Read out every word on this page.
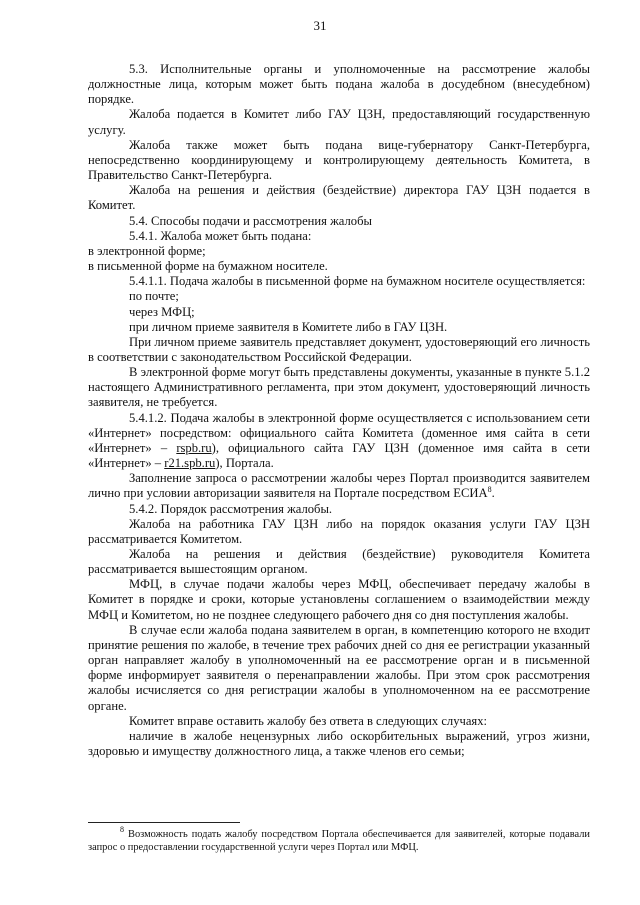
31

5.3. Исполнительные органы и уполномоченные на рассмотрение жалобы должностные лица, которым может быть подана жалоба в досудебном (внесудебном) порядке.

Жалоба подается в Комитет либо ГАУ ЦЗН, предоставляющий государственную услугу.

Жалоба также может быть подана вице-губернатору Санкт-Петербурга, непосредственно координирующему и контролирующему деятельность Комитета, в Правительство Санкт-Петербурга.

Жалоба на решения и действия (бездействие) директора ГАУ ЦЗН подается в Комитет.

5.4. Способы подачи и рассмотрения жалобы

5.4.1. Жалоба может быть подана:

в электронной форме;

в письменной форме на бумажном носителе.

5.4.1.1. Подача жалобы в письменной форме на бумажном носителе осуществляется:

по почте;

через МФЦ;

при личном приеме заявителя в Комитете либо в ГАУ ЦЗН.

При личном приеме заявитель представляет документ, удостоверяющий его личность в соответствии с законодательством Российской Федерации.

В электронной форме могут быть представлены документы, указанные в пункте 5.1.2 настоящего Административного регламента, при этом документ, удостоверяющий личность заявителя, не требуется.

5.4.1.2. Подача жалобы в электронной форме осуществляется с использованием сети «Интернет» посредством: официального сайта Комитета (доменное имя сайта в сети «Интернет» – rspb.ru), официального сайта ГАУ ЦЗН (доменное имя сайта в сети «Интернет» – r21.spb.ru), Портала.

Заполнение запроса о рассмотрении жалобы через Портал производится заявителем лично при условии авторизации заявителя на Портале посредством ЕСИА$^8$.

5.4.2. Порядок рассмотрения жалобы.

Жалоба на работника ГАУ ЦЗН либо на порядок оказания услуги ГАУ ЦЗН рассматривается Комитетом.

Жалоба на решения и действия (бездействие) руководителя Комитета рассматривается вышестоящим органом.

МФЦ, в случае подачи жалобы через МФЦ, обеспечивает передачу жалобы в Комитет в порядке и сроки, которые установлены соглашением о взаимодействии между МФЦ и Комитетом, но не позднее следующего рабочего дня со дня поступления жалобы.

В случае если жалоба подана заявителем в орган, в компетенцию которого не входит принятие решения по жалобе, в течение трех рабочих дней со дня ее регистрации указанный орган направляет жалобу в уполномоченный на ее рассмотрение орган и в письменной форме информирует заявителя о перенаправлении жалобы. При этом срок рассмотрения жалобы исчисляется со дня регистрации жалобы в уполномоченном на ее рассмотрение органе.

Комитет вправе оставить жалобу без ответа в следующих случаях:

наличие в жалобе нецензурных либо оскорбительных выражений, угроз жизни, здоровью и имуществу должностного лица, а также членов его семьи;

$^8$ Возможность подать жалобу посредством Портала обеспечивается для заявителей, которые подавали запрос о предоставлении государственной услуги через Портал или МФЦ.
